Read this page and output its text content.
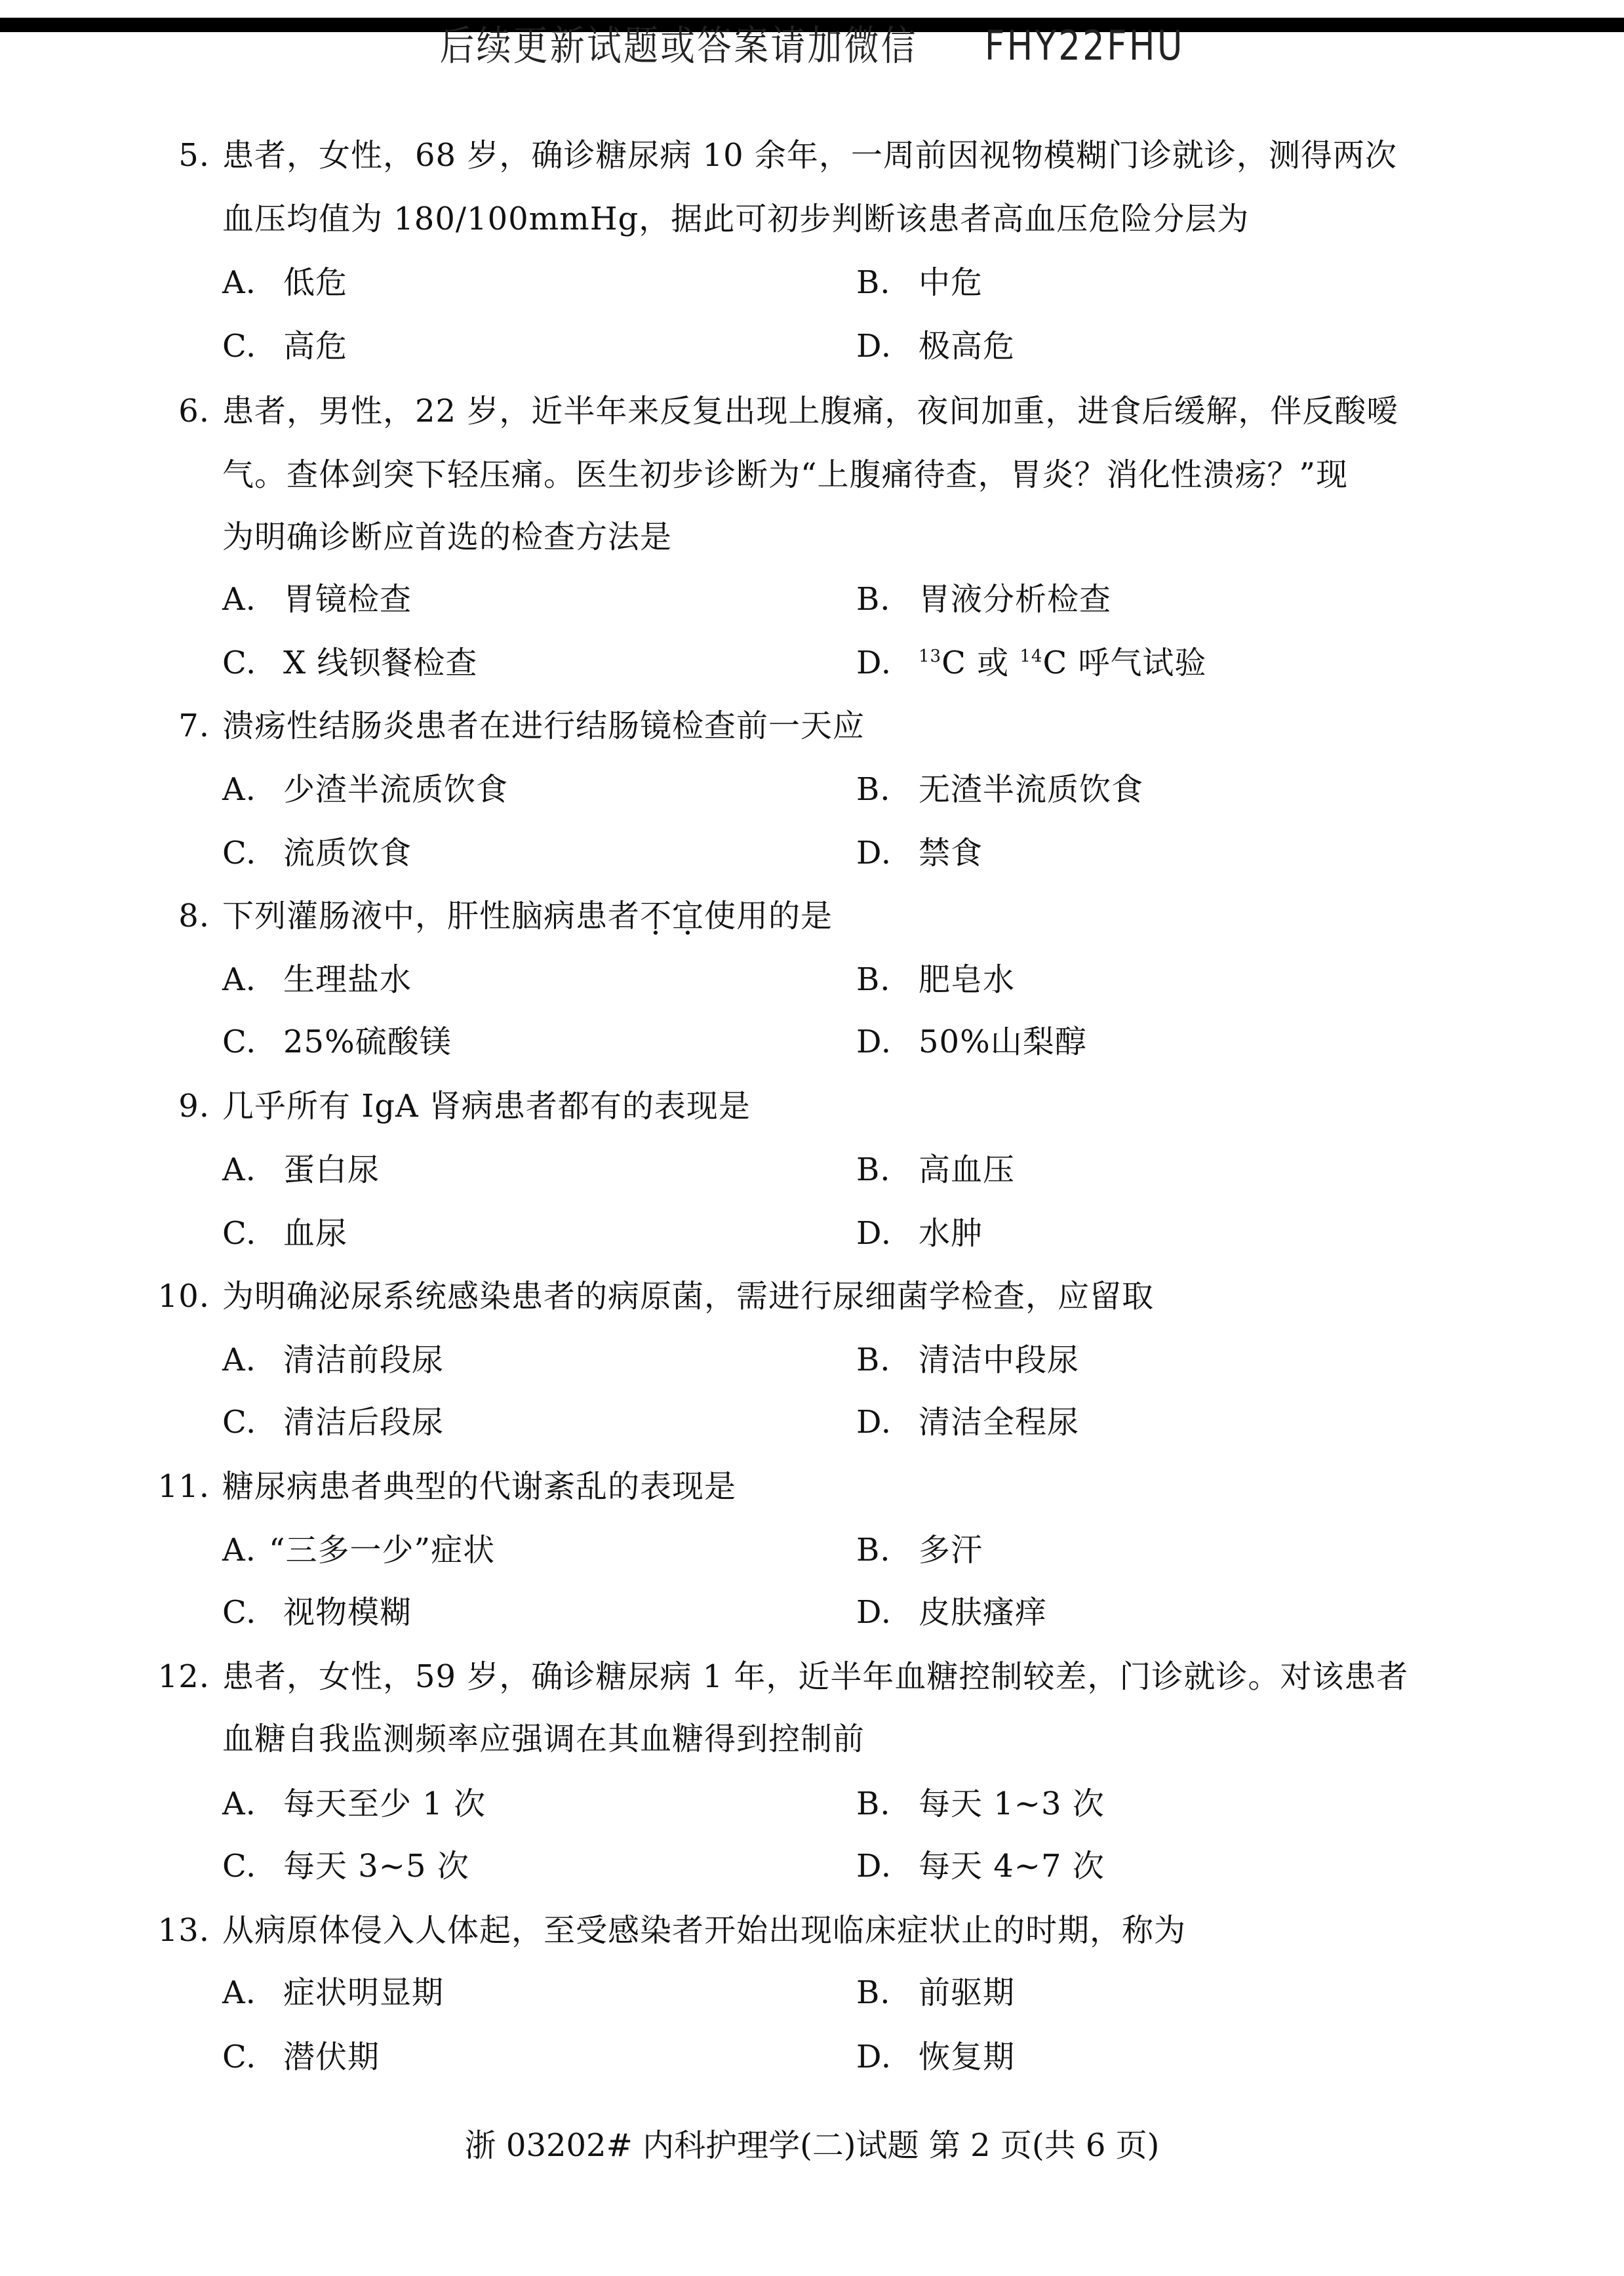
后续更新试题或答案请加微信 FHY22FHU
5. 患者，女性，68 岁，确诊糖尿病 10 余年，一周前因视物模糊门诊就诊，测得两次
血压均值为 180/100mmHg，据此可初步判断该患者高血压危险分层为
A. 低危	B. 中危
C. 高危	D. 极高危
6. 患者，男性，22 岁，近半年来反复出现上腹痛，夜间加重，进食后缓解，伴反酸嗳
气。查体剑突下轻压痛。医生初步诊断为“上腹痛待查，胃炎？消化性溃疡？”现
为明确诊断应首选的检查方法是
A. 胃镜检查	B. 胃液分析检查
C. X 线钡餐检查	D. $^{13}$C 或 $^{14}$C 呼气试验
7. 溃疡性结肠炎患者在进行结肠镜检查前一天应
A. 少渣半流质饮食	B. 无渣半流质饮食
C. 流质饮食	D. 禁食
8. 下列灌肠液中，肝性脑病患者不宜使用的是
A. 生理盐水	B. 肥皂水
C. 25%硫酸镁	D. 50%山梨醇
9. 几乎所有 IgA 肾病患者都有的表现是
A. 蛋白尿	B. 高血压
C. 血尿	D. 水肿
10. 为明确泌尿系统感染患者的病原菌，需进行尿细菌学检查，应留取
A. 清洁前段尿	B. 清洁中段尿
C. 清洁后段尿	D. 清洁全程尿
11. 糖尿病患者典型的代谢紊乱的表现是
A. “三多一少”症状	B. 多汗
C. 视物模糊	D. 皮肤瘙痒
12. 患者，女性，59 岁，确诊糖尿病 1 年，近半年血糖控制较差，门诊就诊。对该患者
血糖自我监测频率应强调在其血糖得到控制前
A. 每天至少 1 次	B. 每天 1~3 次
C. 每天 3~5 次	D. 每天 4~7 次
13. 从病原体侵入人体起，至受感染者开始出现临床症状止的时期，称为
A. 症状明显期	B. 前驱期
C. 潜伏期	D. 恢复期
浙 03202# 内科护理学(二)试题 第 2 页(共 6 页)
